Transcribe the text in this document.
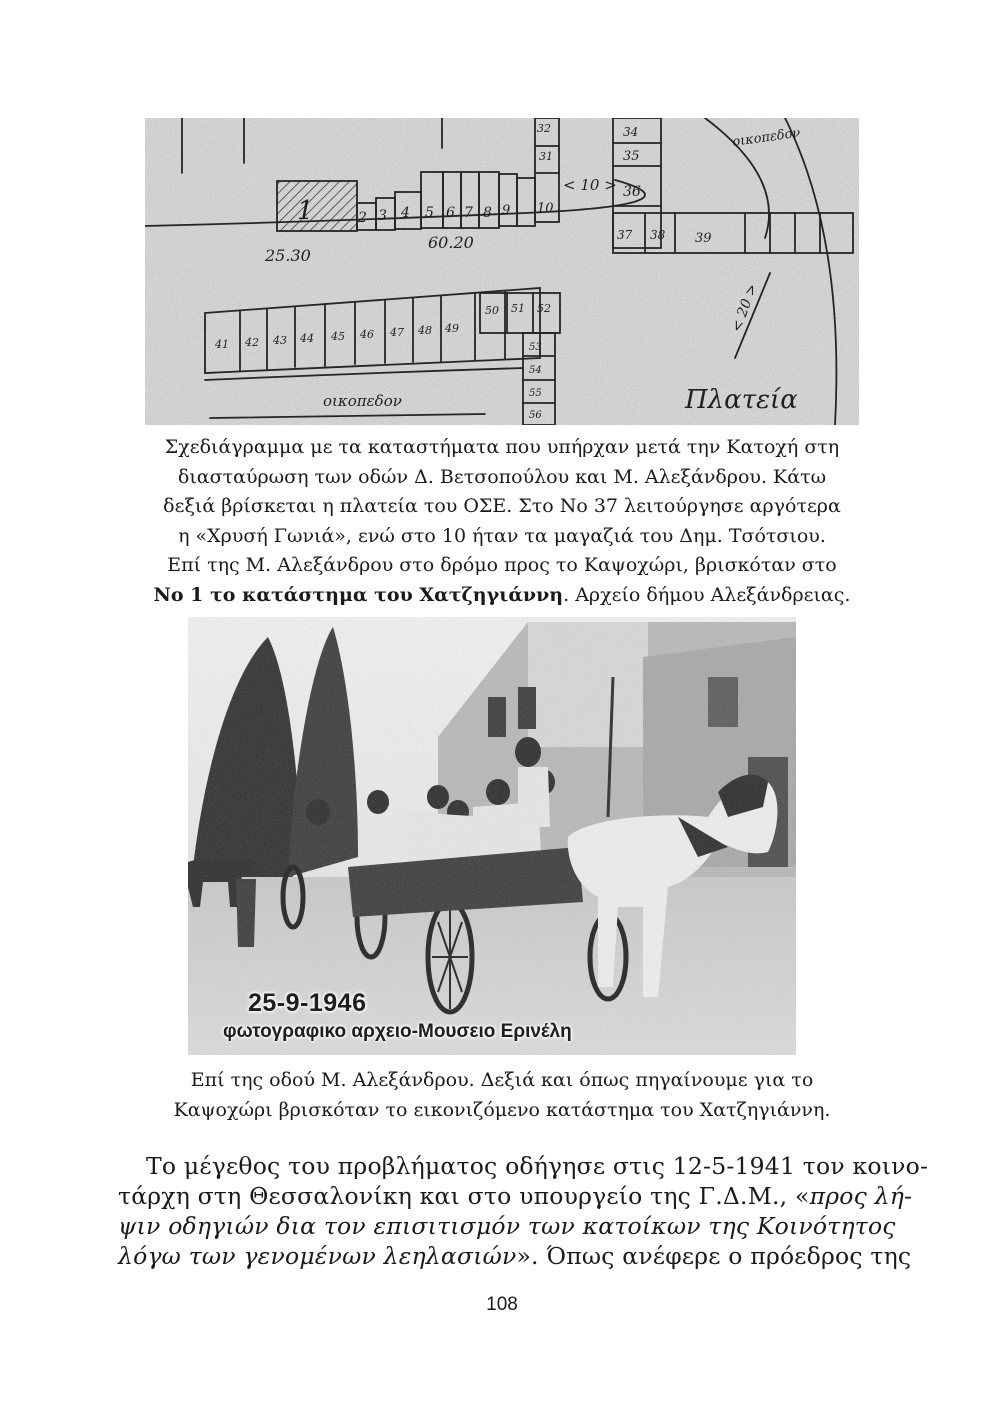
1	2 3 4 5 6 7 8 9 10
25.30
60.20
< 10 >
32
31
34
35
36
37 38 39
41 42 43 44 45 46 47 48 49
50 51 52
53
54
55
56
οικοπεδον
οικοπεδον
< 20 >
Πλατεία
Σχεδιάγραμμα με τα καταστήματα που υπήρχαν μετά την Κατοχή στη
διασταύρωση των οδών Δ. Βετσοπούλου και Μ. Αλεξάνδρου. Κάτω
δεξιά βρίσκεται η πλατεία του ΟΣΕ. Στο Νο 37 λειτούργησε αργότερα
η «Χρυσή Γωνιά», ενώ στο 10 ήταν τα μαγαζιά του Δημ. Τσότσιου.
Επί της Μ. Αλεξάνδρου στο δρόμο προς το Καψοχώρι, βρισκόταν στο
Νο 1 το κατάστημα του Χατζηγιάννη. Αρχείο δήμου Αλεξάνδρειας.
25-9-1946
φωτογραφικο αρχειο-Μουσειο Ερινέλη
Επί της οδού Μ. Αλεξάνδρου. Δεξιά και όπως πηγαίνουμε για το
Καψοχώρι βρισκόταν το εικονιζόμενο κατάστημα του Χατζηγιάννη.
Το μέγεθος του προβλήματος οδήγησε στις 12-5-1941 τον κοινο-
τάρχη στη Θεσσαλονίκη και στο υπουργείο της Γ.Δ.Μ., «προς λή-
ψιν οδηγιών δια τον επισιτισμόν των κατοίκων της Κοινότητος
λόγω των γενομένων λεηλασιών». Όπως ανέφερε ο πρόεδρος της
108
